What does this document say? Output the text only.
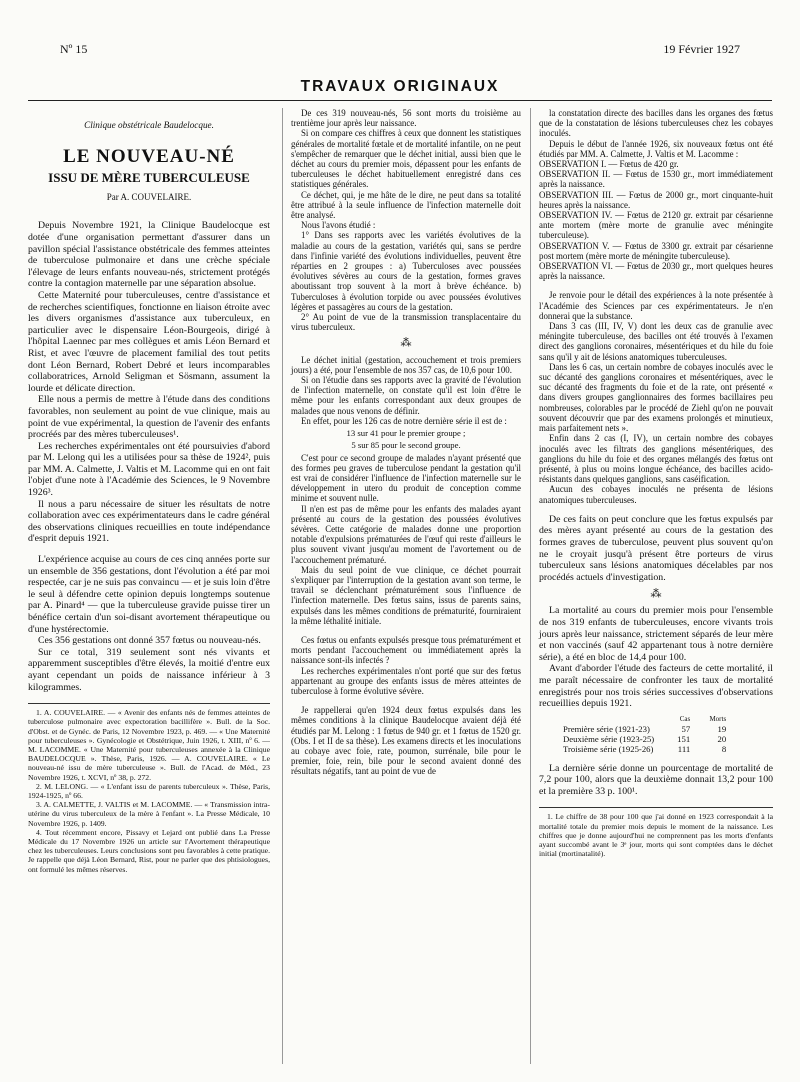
Nº 15	19 Février 1927
TRAVAUX ORIGINAUX

Clinique obstétricale Baudelocque.

LE NOUVEAU-NÉ

ISSU DE MÈRE TUBERCULEUSE

Par A. COUVELAIRE.

Depuis Novembre 1921, la Clinique Baudelocque est dotée d'une organisation permettant d'assurer dans un pavillon spécial l'assistance obstétricale des femmes atteintes de tuberculose pulmonaire et dans une crèche spéciale l'élevage de leurs enfants nouveau-nés, strictement protégés contre la contagion maternelle par une séparation absolue.

Cette Maternité pour tuberculeuses, centre d'assistance et de recherches scientifiques, fonctionne en liaison étroite avec les divers organismes d'assistance aux tuberculeux, en particulier avec le dispensaire Léon-Bourgeois, dirigé à l'hôpital Laennec par mes collègues et amis Léon Bernard et Rist, et avec l'œuvre de placement familial des tout petits dont Léon Bernard, Robert Debré et leurs incomparables collaboratrices, Arnold Seligman et Sösmann, assument la lourde et délicate direction.

Elle nous a permis de mettre à l'étude dans des conditions favorables, non seulement au point de vue clinique, mais au point de vue expérimental, la question de l'avenir des enfants procréés par des mères tuberculeuses¹.

Les recherches expérimentales ont été poursuivies d'abord par M. Lelong qui les a utilisées pour sa thèse de 1924², puis par MM. A. Calmette, J. Valtis et M. Lacomme qui en ont fait l'objet d'une note à l'Académie des Sciences, le 9 Novembre 1926³.

Il nous a paru nécessaire de situer les résultats de notre collaboration avec ces expérimentateurs dans le cadre général des observations cliniques recueillies en toute indépendance d'esprit depuis 1921.

L'expérience acquise au cours de ces cinq années porte sur un ensemble de 356 gestations, dont l'évolution a été par moi respectée, car je ne suis pas convaincu — et je suis loin d'être le seul à défendre cette opinion depuis longtemps soutenue par A. Pinard⁴ — que la tuberculeuse gravide puisse tirer un bénéfice certain d'un soi-disant avortement thérapeutique ou d'une hystérectomie.

Ces 356 gestations ont donné 357 fœtus ou nouveau-nés.

Sur ce total, 319 seulement sont nés vivants et apparemment susceptibles d'être élevés, la moitié d'entre eux ayant cependant un poids de naissance inférieur à 3 kilogrammes.

1. A. COUVELAIRE. — « Avenir des enfants nés de femmes atteintes de tuberculose pulmonaire avec expectoration bacillifère ». Bull. de la Soc. d'Obst. et de Gynéc. de Paris, 12 Novembre 1923, p. 469. — « Une Maternité pour tuberculeuses ». Gynécologie et Obstétrique, Juin 1926, t. XIII, nº 6. — M. LACOMME. « Une Maternité pour tuberculeuses annexée à la Clinique BAUDELOCQUE ». Thèse, Paris, 1926. — A. COUVELAIRE. « Le nouveau-né issu de mère tuberculeuse ». Bull. de l'Acad. de Méd., 23 Novembre 1926, t. XCVI, nº 38, p. 272.

2. M. LELONG. — « L'enfant issu de parents tuberculeux ». Thèse, Paris, 1924-1925, nº 66.

3. A. CALMETTE, J. VALTIS et M. LACOMME. — « Transmission intra-utérine du virus tuberculeux de la mère à l'enfant ». La Presse Médicale, 10 Novembre 1926, p. 1409.

4. Tout récemment encore, Pissavy et Lejard ont publié dans La Presse Médicale du 17 Novembre 1926 un article sur l'Avortement thérapeutique chez les tuberculeuses. Leurs conclusions sont peu favorables à cette pratique. Je rappelle que déjà Léon Bernard, Rist, pour ne parler que des phtisiologues, ont formulé les mêmes réserves.

De ces 319 nouveau-nés, 56 sont morts du troisième au trentième jour après leur naissance.

Si on compare ces chiffres à ceux que donnent les statistiques générales de mortalité fœtale et de mortalité infantile, on ne peut s'empêcher de remarquer que le déchet initial, aussi bien que le déchet au cours du premier mois, dépassent pour les enfants de tuberculeuses le déchet habituellement enregistré dans ces statistiques générales.

Ce déchet, qui, je me hâte de le dire, ne peut dans sa totalité être attribué à la seule influence de l'infection maternelle doit être analysé.

Nous l'avons étudié :

1° Dans ses rapports avec les variétés évolutives de la maladie au cours de la gestation, variétés qui, sans se perdre dans l'infinie variété des évolutions individuelles, peuvent être réparties en 2 groupes : a) Tuberculoses avec poussées évolutives sévères au cours de la gestation, formes graves aboutissant trop souvent à la mort à brève échéance. b) Tuberculoses à évolution torpide ou avec poussées évolutives légères et passagères au cours de la gestation.

2° Au point de vue de la transmission transplacentaire du virus tuberculeux.

⁂

Le déchet initial (gestation, accouchement et trois premiers jours) a été, pour l'ensemble de nos 357 cas, de 10,6 pour 100.

Si on l'étudie dans ses rapports avec la gravité de l'évolution de l'infection maternelle, on constate qu'il est loin d'être le même pour les enfants correspondant aux deux groupes de malades que nous venons de définir.

En effet, pour les 126 cas de notre dernière série il est de :

13 sur 41 pour le premier groupe ;

5 sur 85 pour le second groupe.

C'est pour ce second groupe de malades n'ayant présenté que des formes peu graves de tuberculose pendant la gestation qu'il est vrai de considérer l'influence de l'infection maternelle sur le développement in utero du produit de conception comme minime et souvent nulle.

Il n'en est pas de même pour les enfants des malades ayant présenté au cours de la gestation des poussées évolutives sévères. Cette catégorie de malades donne une proportion notable d'expulsions prématurées de l'œuf qui reste d'ailleurs le plus souvent vivant jusqu'au moment de l'avortement ou de l'accouchement prématuré.

Mais du seul point de vue clinique, ce déchet pourrait s'expliquer par l'interruption de la gestation avant son terme, le travail se déclenchant prématurément sous l'influence de l'infection maternelle. Des fœtus sains, issus de parents sains, expulsés dans les mêmes conditions de prématurité, fourniraient la même léthalité initiale.

Ces fœtus ou enfants expulsés presque tous prématurément et morts pendant l'accouchement ou immédiatement après la naissance sont-ils infectés ?

Les recherches expérimentales n'ont porté que sur des fœtus appartenant au groupe des enfants issus de mères atteintes de tuberculose à forme évolutive sévère.

Je rappellerai qu'en 1924 deux fœtus expulsés dans les mêmes conditions à la clinique Baudelocque avaient déjà été étudiés par M. Lelong : 1 fœtus de 940 gr. et 1 fœtus de 1520 gr. (Obs. I et II de sa thèse). Les examens directs et les inoculations au cobaye avec foie, rate, poumon, surrénale, bile pour le premier, foie, rein, bile pour le second avaient donné des résultats négatifs, tant au point de vue de

la constatation directe des bacilles dans les organes des fœtus que de la constatation de lésions tuberculeuses chez les cobayes inoculés.

Depuis le début de l'année 1926, six nouveaux fœtus ont été étudiés par MM. A. Calmette, J. Valtis et M. Lacomme :

OBSERVATION I. — Fœtus de 420 gr.

OBSERVATION II. — Fœtus de 1530 gr., mort immédiatement après la naissance.

OBSERVATION III. — Fœtus de 2000 gr., mort cinquante-huit heures après la naissance.

OBSERVATION IV. — Fœtus de 2120 gr. extrait par césarienne ante mortem (mère morte de granulie avec méningite tuberculeuse).

OBSERVATION V. — Fœtus de 3300 gr. extrait par césarienne post mortem (mère morte de méningite tuberculeuse).

OBSERVATION VI. — Fœtus de 2030 gr., mort quelques heures après la naissance.

Je renvoie pour le détail des expériences à la note présentée à l'Académie des Sciences par ces expérimentateurs. Je n'en donnerai que la substance.

Dans 3 cas (III, IV, V) dont les deux cas de granulie avec méningite tuberculeuse, des bacilles ont été trouvés à l'examen direct des ganglions coronaires, mésentériques et du hile du foie sans qu'il y ait de lésions anatomiques tuberculeuses.

Dans les 6 cas, un certain nombre de cobayes inoculés avec le suc décanté des ganglions coronaires et mésentériques, avec le suc décanté des fragments du foie et de la rate, ont présenté « dans divers groupes ganglionnaires des formes bacillaires peu nombreuses, colorables par le procédé de Ziehl qu'on ne pouvait souvent découvrir que par des examens prolongés et minutieux, mais parfaitement nets ».

Enfin dans 2 cas (I, IV), un certain nombre des cobayes inoculés avec les filtrats des ganglions mésentériques, des ganglions du hile du foie et des organes mélangés des fœtus ont présenté, à plus ou moins longue échéance, des bacilles acido-résistants dans quelques ganglions, sans caséification.

Aucun des cobayes inoculés ne présenta de lésions anatomiques tuberculeuses.

De ces faits on peut conclure que les fœtus expulsés par des mères ayant présenté au cours de la gestation des formes graves de tuberculose, peuvent plus souvent qu'on ne le croyait jusqu'à présent être porteurs de virus tuberculeux sans lésions anatomiques décelables par nos procédés actuels d'investigation.

⁂

La mortalité au cours du premier mois pour l'ensemble de nos 319 enfants de tuberculeuses, encore vivants trois jours après leur naissance, strictement séparés de leur mère et non vaccinés (sauf 42 appartenant tous à notre dernière série), a été en bloc de 14,4 pour 100.

Avant d'aborder l'étude des facteurs de cette mortalité, il me paraît nécessaire de confronter les taux de mortalité enregistrés pour nos trois séries successives d'observations recueillies depuis 1921.

	Cas	Morts
Première série (1921-23)	57	19
Deuxième série (1923-25)	151	20
Troisième série (1925-26)	111	8

La dernière série donne un pourcentage de mortalité de 7,2 pour 100, alors que la deuxième donnait 13,2 pour 100 et la première 33 p. 100¹.

1. Le chiffre de 38 pour 100 que j'ai donné en 1923 correspondait à la mortalité totale du premier mois depuis le moment de la naissance. Les chiffres que je donne aujourd'hui ne comprennent pas les morts d'enfants ayant succombé avant le 3ᵉ jour, morts qui sont comptées dans le déchet initial (mortinatalité).
